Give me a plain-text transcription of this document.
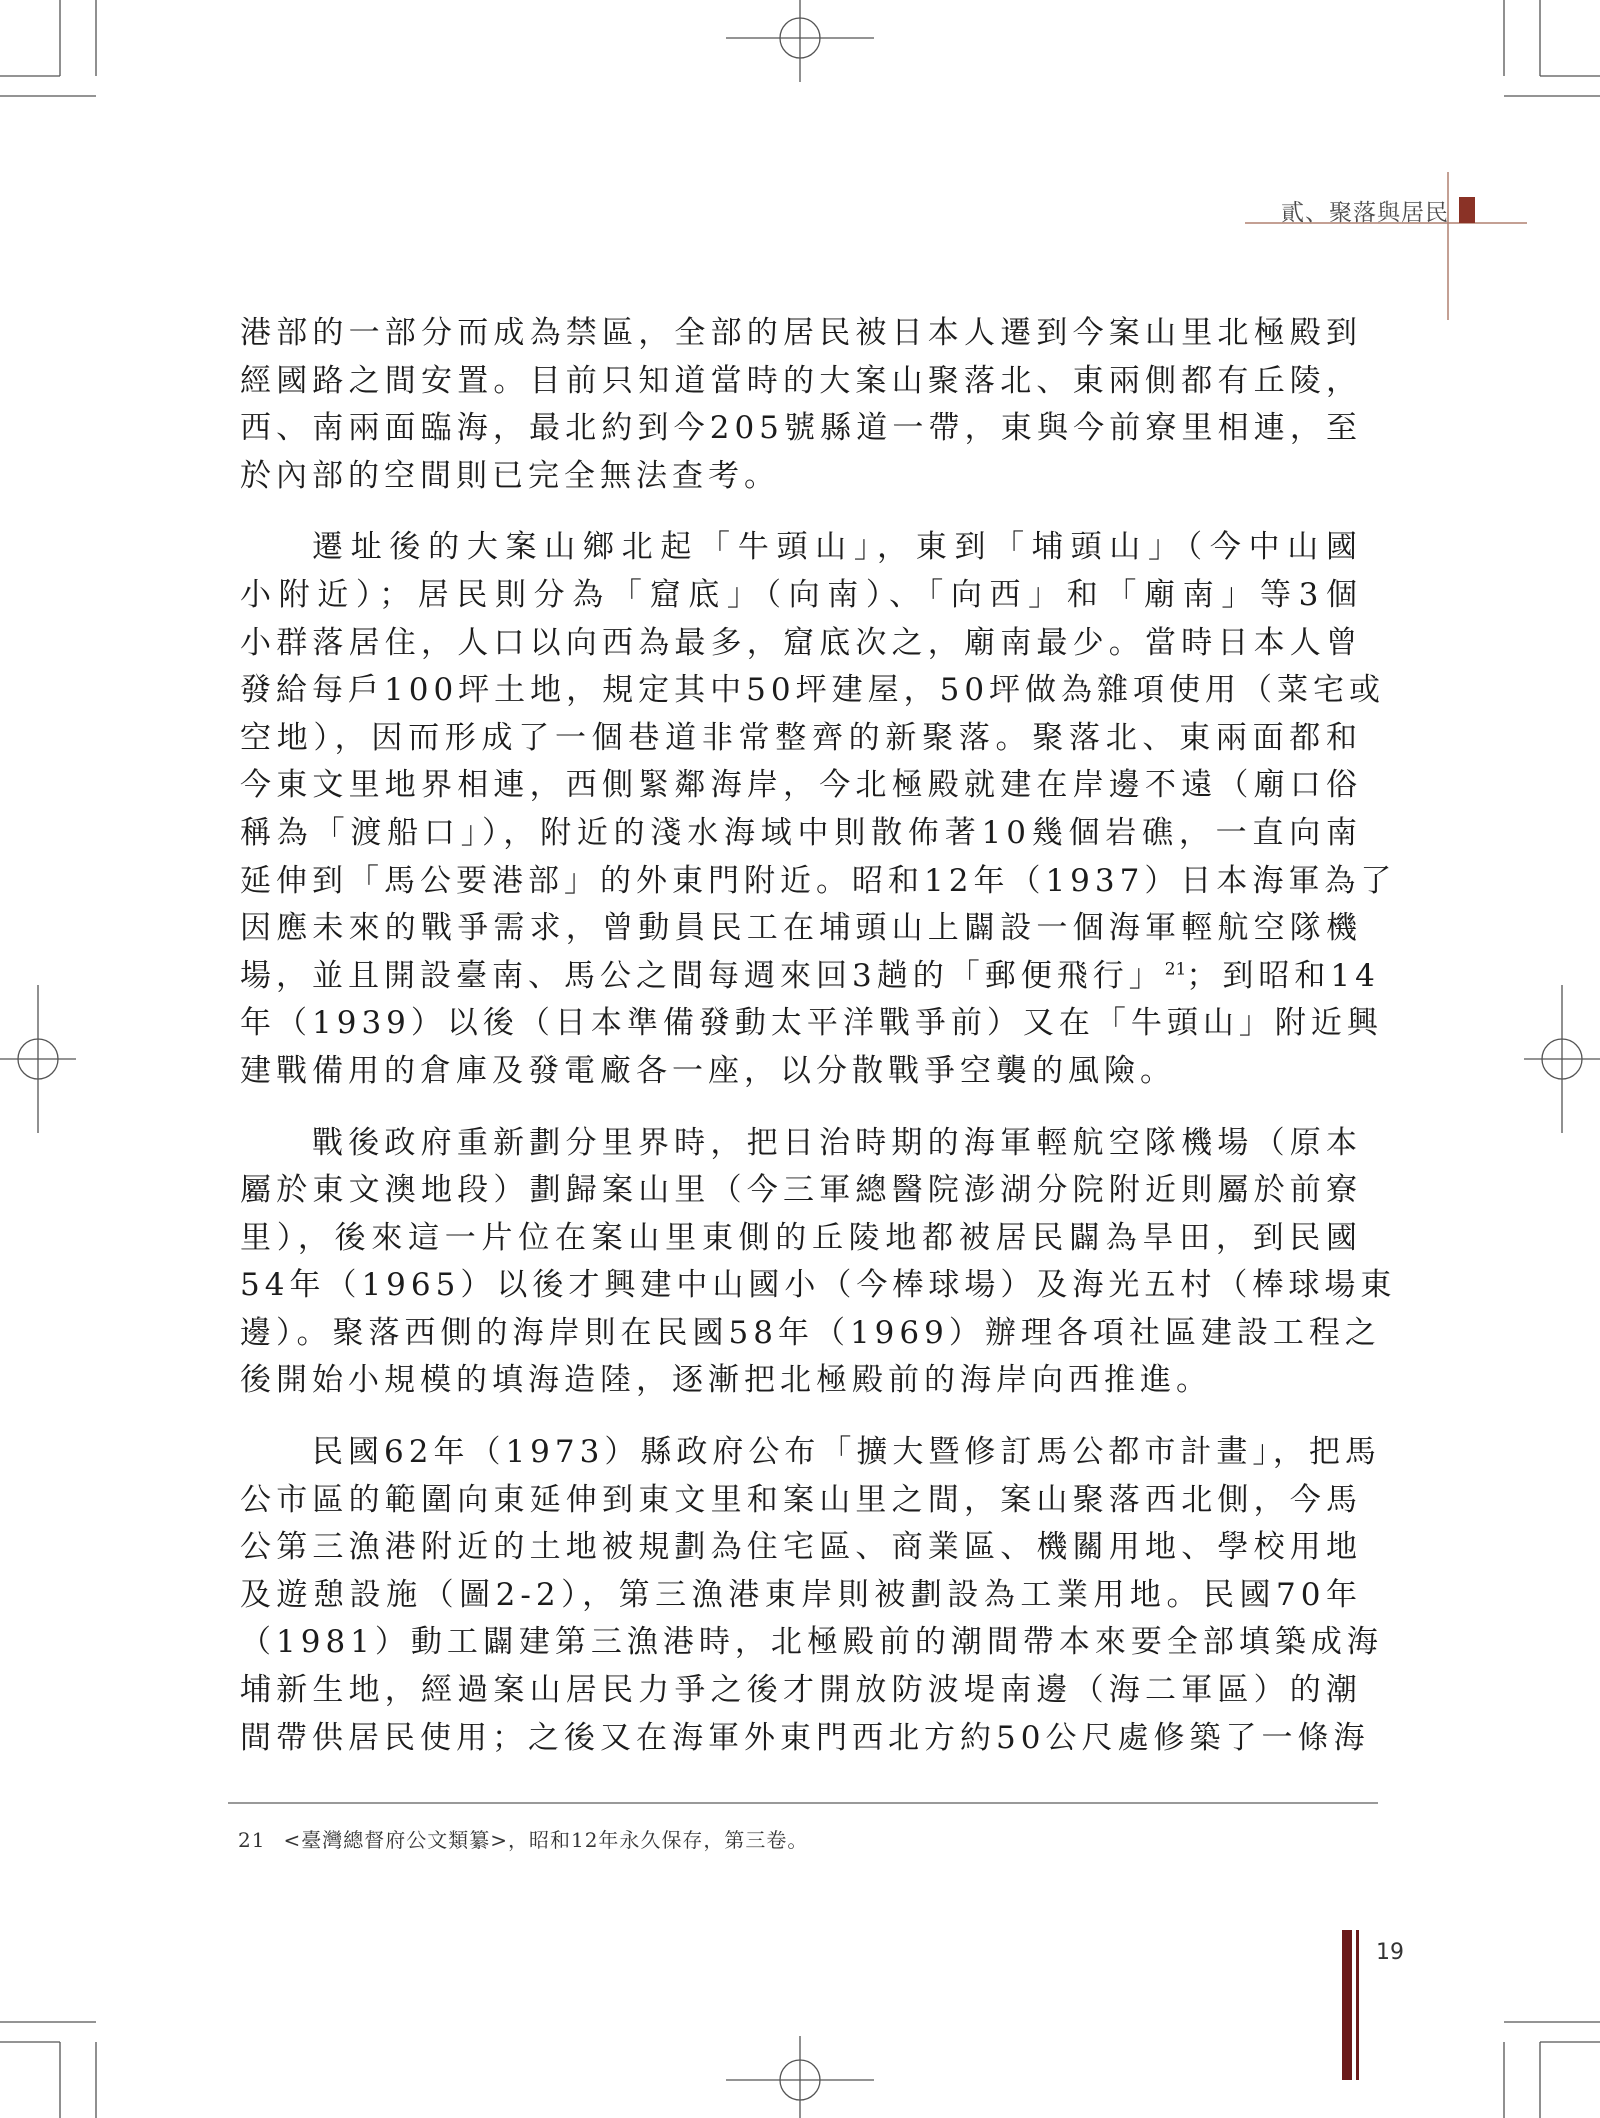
貳、聚落與居民

港部的一部分而成為禁區，全部的居民被日本人遷到今案山里北極殿到
經國路之間安置。目前只知道當時的大案山聚落北、東兩側都有丘陵，
西、南兩面臨海，最北約到今205號縣道一帶，東與今前寮里相連，至
於內部的空間則已完全無法查考。

遷址後的大案山鄉北起「牛頭山」，東到「埔頭山」（今中山國
小附近）；居民則分為「窟底」（向南）、「向西」和「廟南」等3個
小群落居住，人口以向西為最多，窟底次之，廟南最少。當時日本人曾
發給每戶100坪土地，規定其中50坪建屋，50坪做為雜項使用（菜宅或
空地），因而形成了一個巷道非常整齊的新聚落。聚落北、東兩面都和
今東文里地界相連，西側緊鄰海岸，今北極殿就建在岸邊不遠（廟口俗
稱為「渡船口」），附近的淺水海域中則散佈著10幾個岩礁，一直向南
延伸到「馬公要港部」的外東門附近。昭和12年（1937）日本海軍為了
因應未來的戰爭需求，曾動員民工在埔頭山上闢設一個海軍輕航空隊機
場，並且開設臺南、馬公之間每週來回3趟的「郵便飛行」$^{21}$；到昭和14
年（1939）以後（日本準備發動太平洋戰爭前）又在「牛頭山」附近興
建戰備用的倉庫及發電廠各一座，以分散戰爭空襲的風險。

戰後政府重新劃分里界時，把日治時期的海軍輕航空隊機場（原本
屬於東文澳地段）劃歸案山里（今三軍總醫院澎湖分院附近則屬於前寮
里），後來這一片位在案山里東側的丘陵地都被居民闢為旱田，到民國
54年（1965）以後才興建中山國小（今棒球場）及海光五村（棒球場東
邊）。聚落西側的海岸則在民國58年（1969）辦理各項社區建設工程之
後開始小規模的填海造陸，逐漸把北極殿前的海岸向西推進。

民國62年（1973）縣政府公布「擴大暨修訂馬公都市計畫」，把馬
公市區的範圍向東延伸到東文里和案山里之間，案山聚落西北側，今馬
公第三漁港附近的土地被規劃為住宅區、商業區、機關用地、學校用地
及遊憩設施（圖2-2），第三漁港東岸則被劃設為工業用地。民國70年
（1981）動工闢建第三漁港時，北極殿前的潮間帶本來要全部填築成海
埔新生地，經過案山居民力爭之後才開放防波堤南邊（海二軍區）的潮
間帶供居民使用；之後又在海軍外東門西北方約50公尺處修築了一條海

21 <臺灣總督府公文類纂>，昭和12年永久保存，第三卷。
19
